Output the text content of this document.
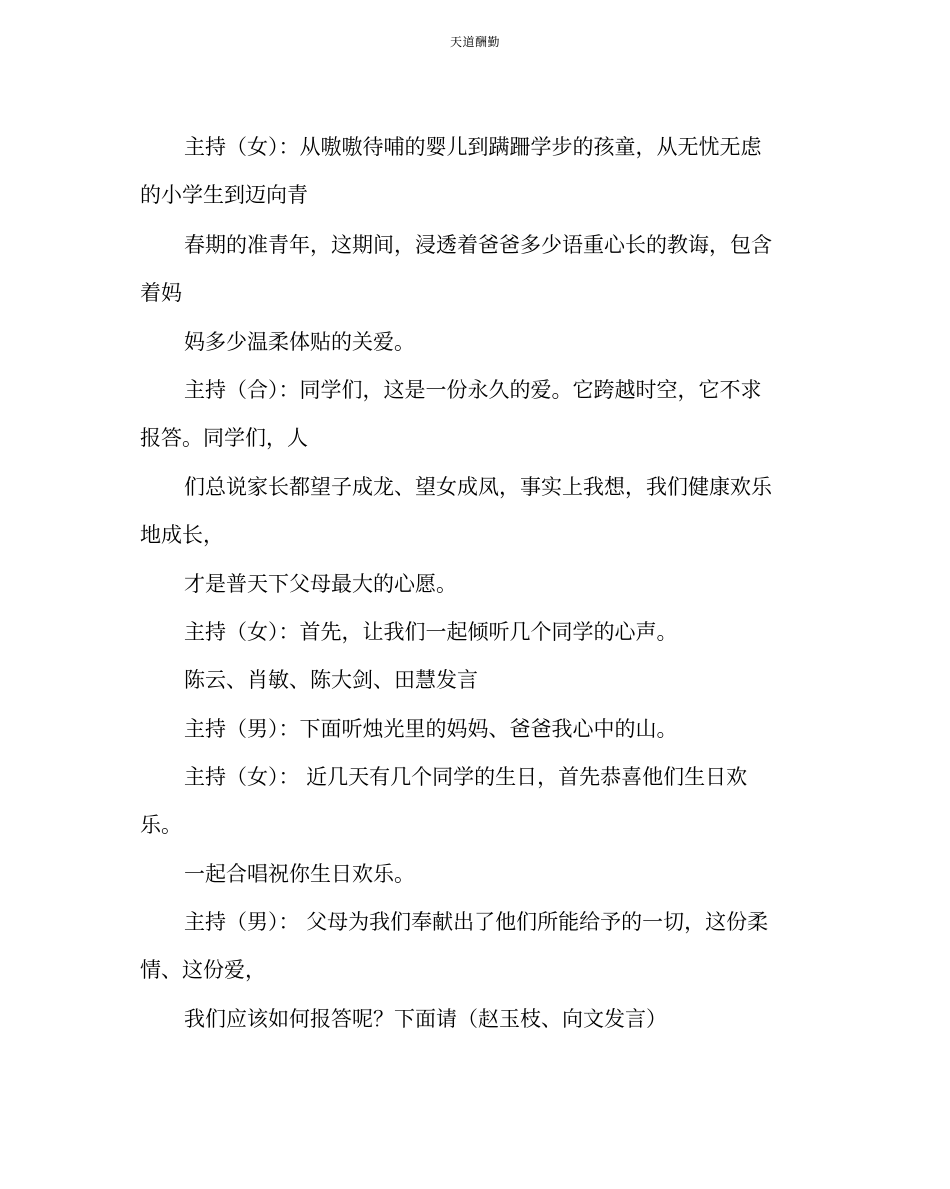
天道酬勤
主持（女）：从嗷嗷待哺的婴儿到蹒跚学步的孩童，从无忧无虑
的小学生到迈向青
春期的准青年，这期间，浸透着爸爸多少语重心长的教诲，包含
着妈
妈多少温柔体贴的关爱。
主持（合）：同学们，这是一份永久的爱。它跨越时空，它不求
报答。同学们，人
们总说家长都望子成龙、望女成凤，事实上我想，我们健康欢乐
地成长，
才是普天下父母最大的心愿。
主持（女）：首先，让我们一起倾听几个同学的心声。
陈云、肖敏、陈大剑、田慧发言
主持（男）：下面听烛光里的妈妈、爸爸我心中的山。
主持（女）： 近几天有几个同学的生日，首先恭喜他们生日欢
乐。
一起合唱祝你生日欢乐。
主持（男）： 父母为我们奉献出了他们所能给予的一切，这份柔
情、这份爱，
我们应该如何报答呢？下面请（赵玉枝、向文发言）
